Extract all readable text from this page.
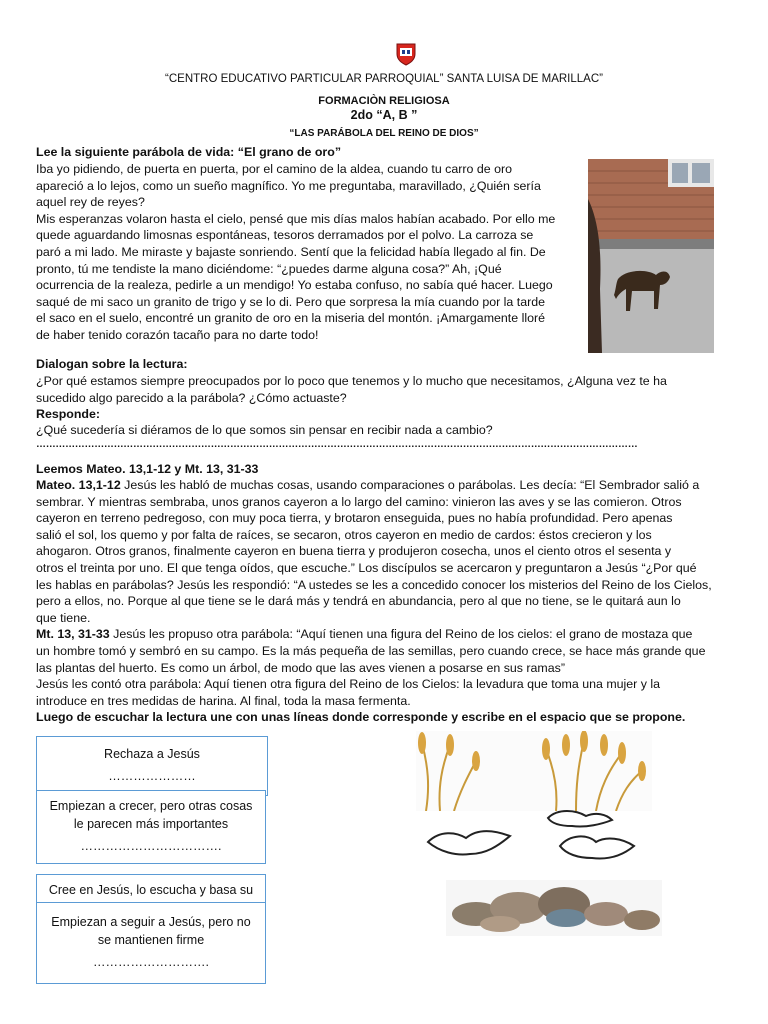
“CENTRO EDUCATIVO PARTICULAR PARROQUIAL” SANTA LUISA DE MARILLAC”
FORMACIÒN RELIGIOSA
2do “A, B ”
“LAS PARÁBOLA DEL REINO DE DIOS”
Lee la siguiente parábola de vida: “El grano de oro”
Iba yo pidiendo, de puerta en puerta, por el camino de la aldea, cuando tu carro de oro
apareció a lo lejos, como un sueño magnífico. Yo me preguntaba, maravillado, ¿Quién sería
aquel rey de reyes?
Mis esperanzas volaron hasta el cielo, pensé que mis días malos habían acabado. Por ello me
quede aguardando limosnas espontáneas, tesoros derramados por el polvo. La carroza se
paró a mi lado. Me miraste y bajaste sonriendo. Sentí que la felicidad había llegado al fin. De
pronto, tú me tendiste la mano diciéndome: “¿puedes darme alguna cosa?” Ah, ¡Qué
ocurrencia de la realeza, pedirle a un mendigo! Yo estaba confuso, no sabía qué hacer. Luego
saqué de mi saco un granito de trigo y se lo di. Pero que sorpresa la mía cuando por la tarde
el saco en el suelo, encontré un granito de oro en la miseria del montón. ¡Amargamente lloré
de haber tenido corazón tacaño para no darte todo!
Dialogan sobre la lectura:
¿Por qué estamos siempre preocupados por lo poco que tenemos y lo mucho que necesitamos, ¿Alguna vez te ha
sucedido algo parecido a la parábola? ¿Cómo actuaste?
Responde:
¿Qué sucedería si diéramos de lo que somos sin pensar en recibir nada a cambio?
……………………………………………………………………………………………………………………………………………………………………
Leemos Mateo. 13,1-12 y Mt. 13, 31-33
Mateo. 13,1-12 Jesús les habló de muchas cosas, usando comparaciones o parábolas. Les decía: “El Sembrador salió a
sembrar. Y mientras sembraba, unos granos cayeron a lo largo del camino: vinieron las aves y se las comieron. Otros
cayeron en terreno pedregoso, con muy poca tierra, y brotaron enseguida, pues no había profundidad. Pero apenas
salió el sol, los quemo y por falta de raíces, se secaron, otros cayeron en medio de cardos: éstos crecieron y los
ahogaron. Otros granos, finalmente cayeron en buena tierra y produjeron cosecha, unos el ciento otros el sesenta y
otros el treinta por uno. El que tenga oídos, que escuche.” Los discípulos se acercaron y preguntaron a Jesús “¿Por qué
les hablas en parábolas? Jesús les respondió: “A ustedes se les a concedido conocer los misterios del Reino de los Cielos,
pero a ellos, no. Porque al que tiene se le dará más y tendrá en abundancia, pero al que no tiene, se le quitará aun lo
que tiene.
Mt. 13, 31-33 Jesús les propuso otra parábola: “Aquí tienen una figura del Reino de los cielos: el grano de mostaza que
un hombre tomó y sembró en su campo. Es la más pequeña de las semillas, pero cuando crece, se hace más grande que
las plantas del huerto. Es como un árbol, de modo que las aves vienen a posarse en sus ramas”
Jesús les contó otra parábola: Aquí tienen otra figura del Reino de los Cielos: la levadura que toma una mujer y la
introduce en tres medidas de harina. Al final, toda la masa fermenta.
Luego de escuchar la lectura une con unas líneas donde corresponde y escribe en el espacio que se propone.
Rechaza a Jesús
…………………
Empiezan a crecer, pero otras cosas
le parecen más importantes
…………………………….
Cree en Jesús, lo escucha y basa su
Empiezan a seguir a Jesús, pero no
se mantienen firme
……………………….
